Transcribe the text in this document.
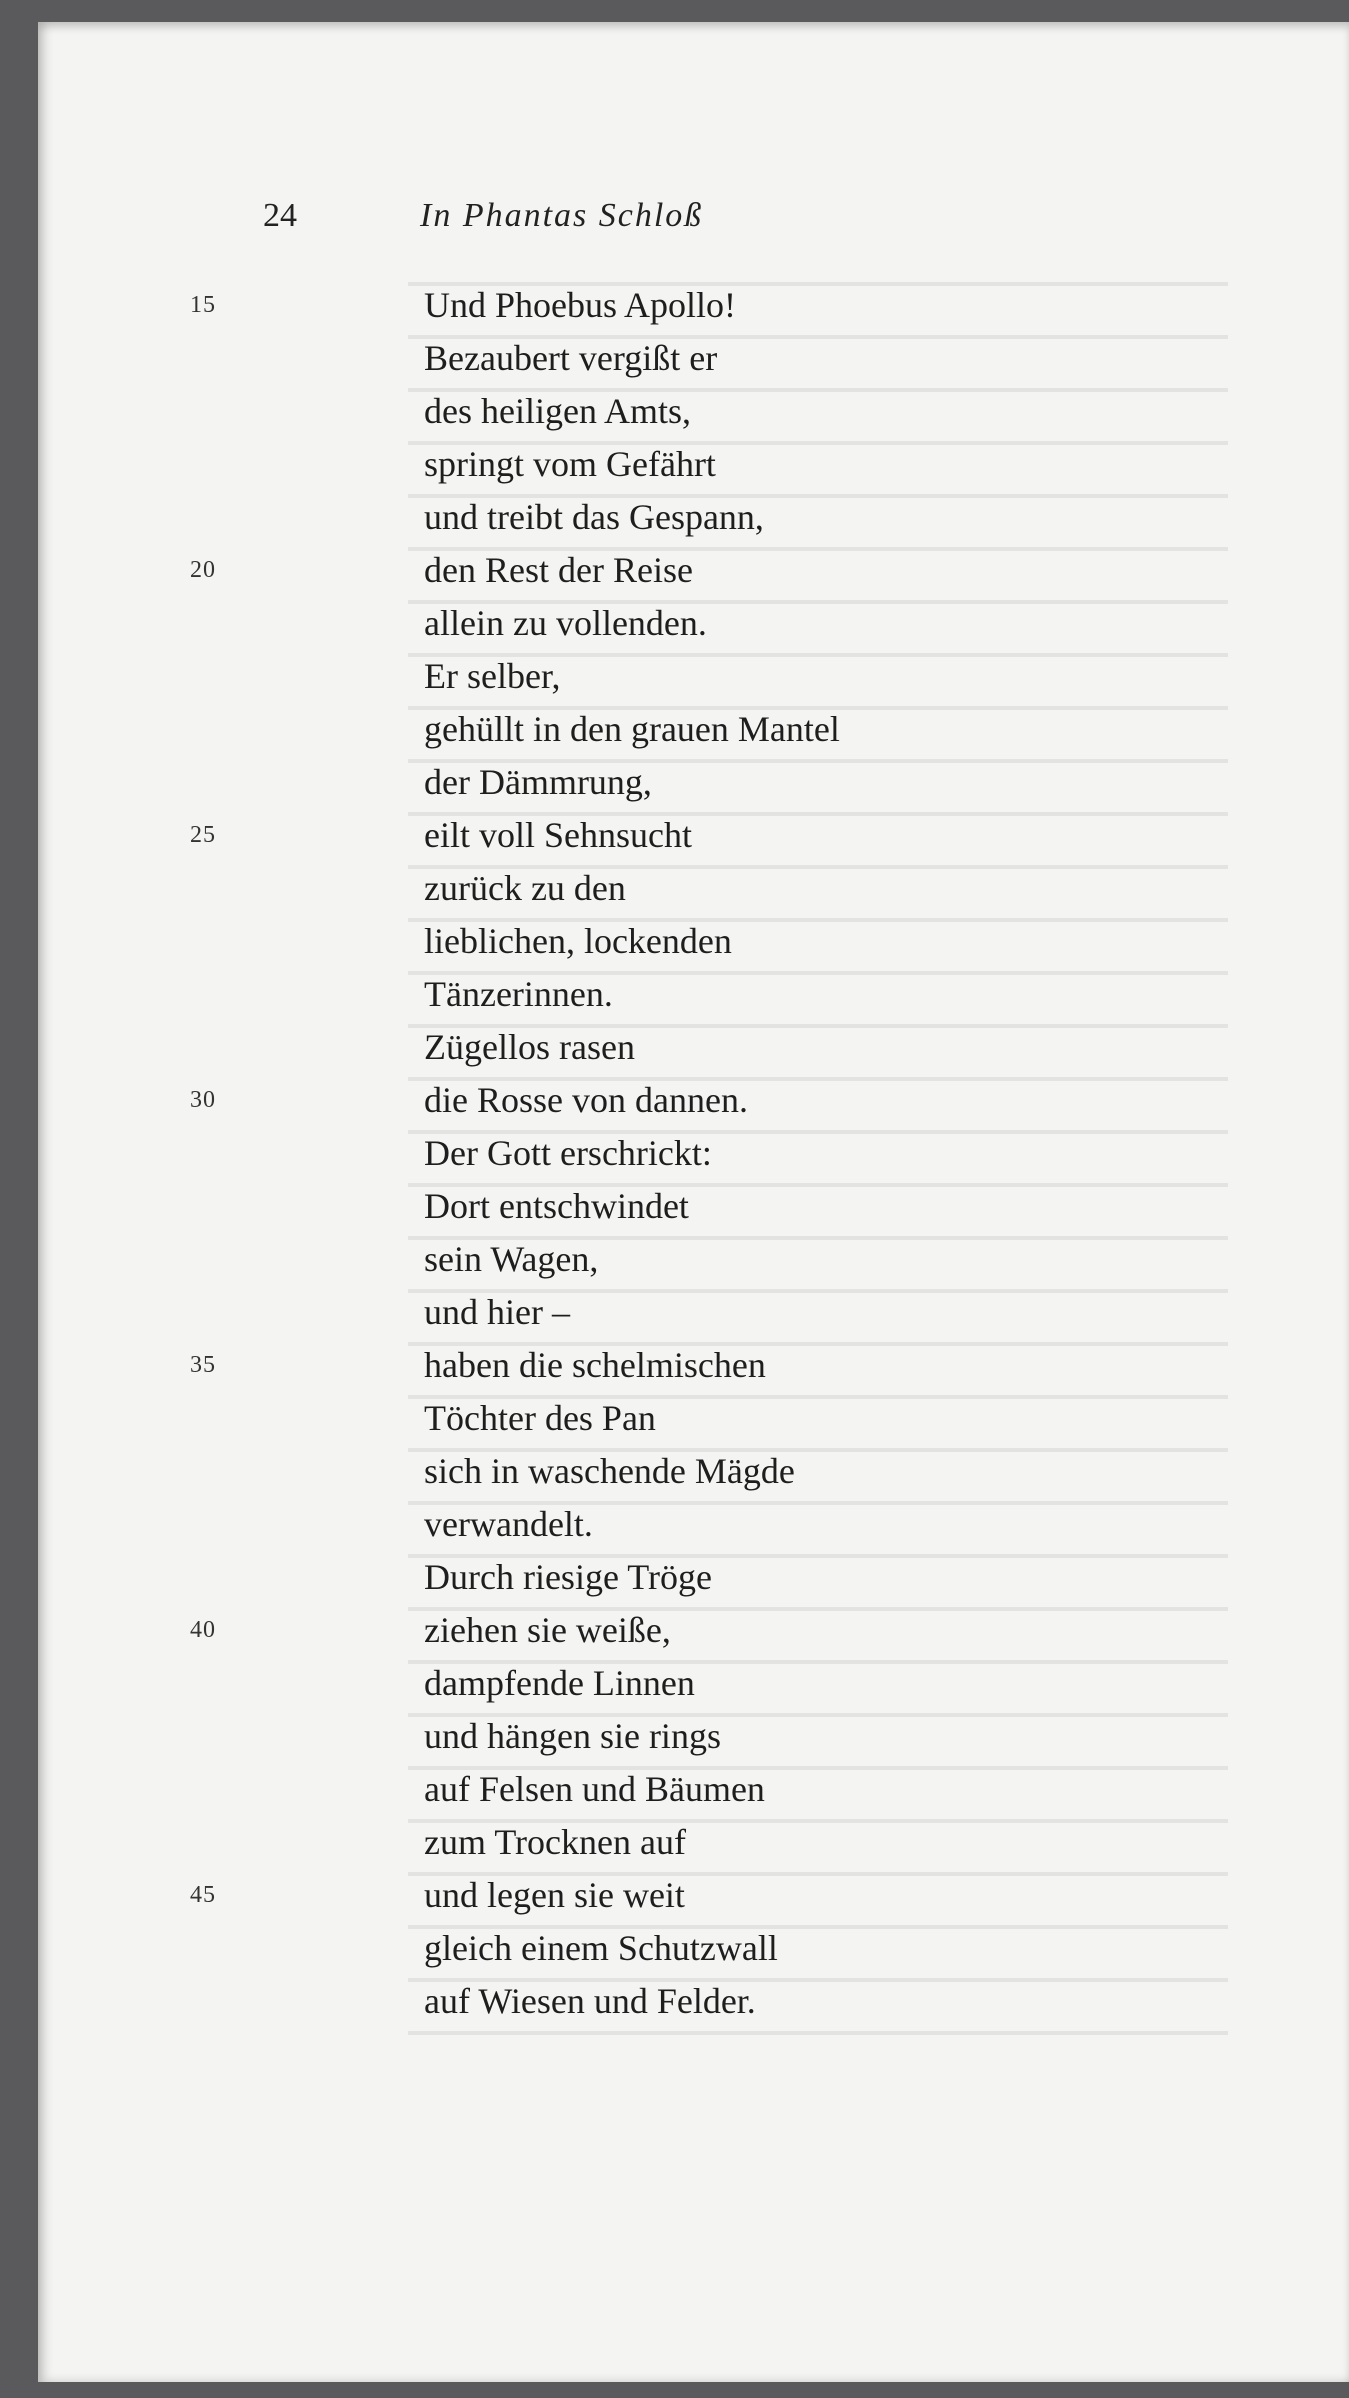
24	In Phantas Schloß
15	Und Phoebus Apollo!
Bezaubert vergißt er
des heiligen Amts,
springt vom Gefährt
und treibt das Gespann,
20	den Rest der Reise
allein zu vollenden.
Er selber,
gehüllt in den grauen Mantel
der Dämmrung,
25	eilt voll Sehnsucht
zurück zu den
lieblichen, lockenden
Tänzerinnen.
Zügellos rasen
30	die Rosse von dannen.
Der Gott erschrickt:
Dort entschwindet
sein Wagen,
und hier –
35	haben die schelmischen
Töchter des Pan
sich in waschende Mägde
verwandelt.
Durch riesige Tröge
40	ziehen sie weiße,
dampfende Linnen
und hängen sie rings
auf Felsen und Bäumen
zum Trocknen auf
45	und legen sie weit
gleich einem Schutzwall
auf Wiesen und Felder.
